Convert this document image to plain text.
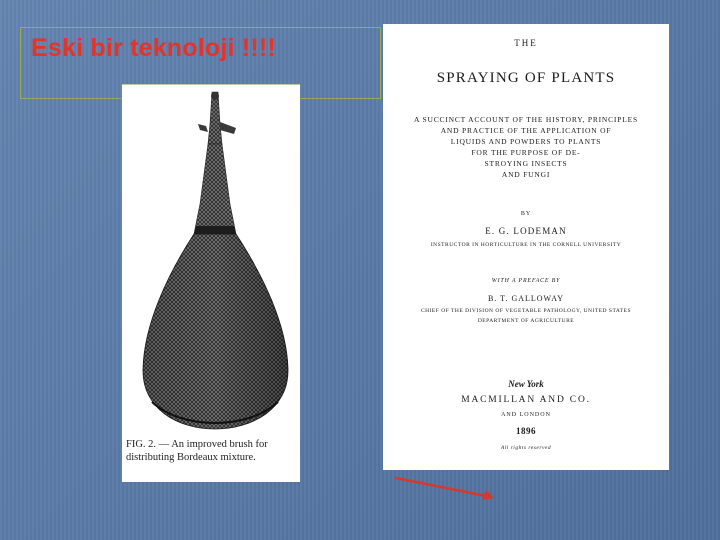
Eski bir teknoloji !!!!
FIG. 2. — An improved brush for distributing Bordeaux mixture.
THE
SPRAYING OF PLANTS
A SUCCINCT ACCOUNT OF THE HISTORY, PRINCIPLES
AND PRACTICE OF THE APPLICATION OF
LIQUIDS AND POWDERS TO PLANTS
FOR THE PURPOSE OF DE-
STROYING INSECTS
AND FUNGI
BY
E. G. LODEMAN
INSTRUCTOR IN HORTICULTURE IN THE CORNELL UNIVERSITY
WITH A PREFACE BY
B. T. GALLOWAY
CHIEF OF THE DIVISION OF VEGETABLE PATHOLOGY, UNITED STATES
DEPARTMENT OF AGRICULTURE
New York
MACMILLAN AND CO.
AND LONDON
1896
All rights reserved
